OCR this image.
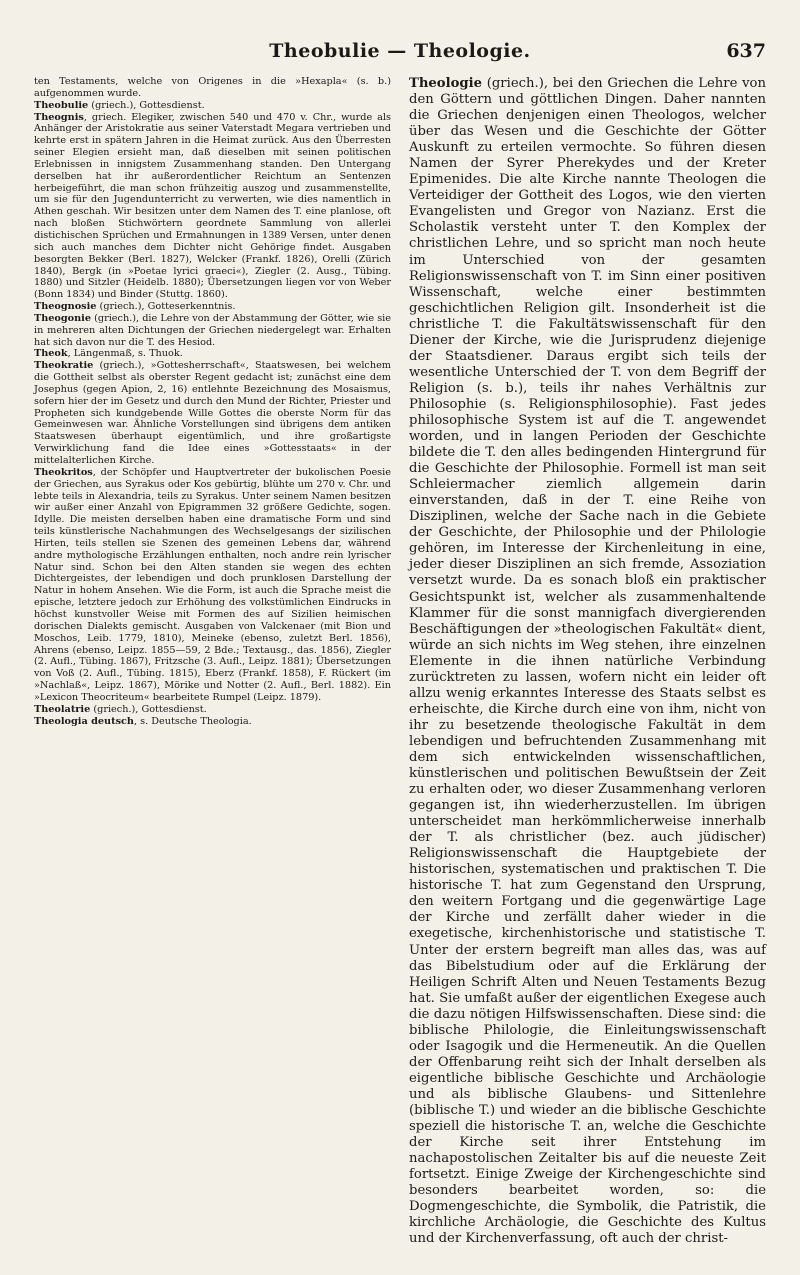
Theobulie — Theologie.	637

ten Testaments, welche von Origenes in die »Hexapla« (s. b.) aufgenommen wurde.

Theobulie (griech.), Gottesdienst.

Theognis, griech. Elegiker, zwischen 540 und 470 v. Chr., wurde als Anhänger der Aristokratie aus seiner Vaterstadt Megara vertrieben und kehrte erst in spätern Jahren in die Heimat zurück. Aus den Überresten seiner Elegien ersieht man, daß dieselben mit seinen politischen Erlebnissen in innigstem Zusammenhang standen. Den Untergang derselben hat ihr außerordentlicher Reichtum an Sentenzen herbeigeführt, die man schon frühzeitig auszog und zusammenstellte, um sie für den Jugendunterricht zu verwerten, wie dies namentlich in Athen geschah. Wir besitzen unter dem Namen des T. eine planlose, oft nach bloßen Stichwörtern geordnete Sammlung von allerlei distichischen Sprüchen und Ermahnungen in 1389 Versen, unter denen sich auch manches dem Dichter nicht Gehörige findet. Ausgaben besorgten Bekker (Berl. 1827), Welcker (Frankf. 1826), Orelli (Zürich 1840), Bergk (in »Poetae lyrici graeci«), Ziegler (2. Ausg., Tübing. 1880) und Sitzler (Heidelb. 1880); Übersetzungen liegen vor von Weber (Bonn 1834) und Binder (Stuttg. 1860).

Theognosie (griech.), Gotteserkenntnis.

Theogonie (griech.), die Lehre von der Abstammung der Götter, wie sie in mehreren alten Dichtungen der Griechen niedergelegt war. Erhalten hat sich davon nur die T. des Hesiod.

Theok, Längenmaß, s. Thuok.

Theokratie (griech.), »Gottesherrschaft«, Staatswesen, bei welchem die Gottheit selbst als oberster Regent gedacht ist; zunächst eine dem Josephus (gegen Apion, 2, 16) entlehnte Bezeichnung des Mosaismus, sofern hier der im Gesetz und durch den Mund der Richter, Priester und Propheten sich kundgebende Wille Gottes die oberste Norm für das Gemeinwesen war. Ähnliche Vorstellungen sind übrigens dem antiken Staatswesen überhaupt eigentümlich, und ihre großartigste Verwirklichung fand die Idee eines »Gottesstaats« in der mittelalterlichen Kirche.

Theokritos, der Schöpfer und Hauptvertreter der bukolischen Poesie der Griechen, aus Syrakus oder Kos gebürtig, blühte um 270 v. Chr. und lebte teils in Alexandria, teils zu Syrakus. Unter seinem Namen besitzen wir außer einer Anzahl von Epigrammen 32 größere Gedichte, sogen. Idylle. Die meisten derselben haben eine dramatische Form und sind teils künstlerische Nachahmungen des Wechselgesangs der sizilischen Hirten, teils stellen sie Szenen des gemeinen Lebens dar, während andre mythologische Erzählungen enthalten, noch andre rein lyrischer Natur sind. Schon bei den Alten standen sie wegen des echten Dichtergeistes, der lebendigen und doch prunklosen Darstellung der Natur in hohem Ansehen. Wie die Form, ist auch die Sprache meist die epische, letztere jedoch zur Erhöhung des volkstümlichen Eindrucks in höchst kunstvoller Weise mit Formen des auf Sizilien heimischen dorischen Dialekts gemischt. Ausgaben von Valckenaer (mit Bion und Moschos, Leib. 1779, 1810), Meineke (ebenso, zuletzt Berl. 1856), Ahrens (ebenso, Leipz. 1855—59, 2 Bde.; Textausg., das. 1856), Ziegler (2. Aufl., Tübing. 1867), Fritzsche (3. Aufl., Leipz. 1881); Übersetzungen von Voß (2. Aufl., Tübing. 1815), Eberz (Frankf. 1858), F. Rückert (im »Nachlaß«, Leipz. 1867), Mörike und Notter (2. Aufl., Berl. 1882). Ein »Lexicon Theocriteum« bearbeitete Rumpel (Leipz. 1879).

Theolatrie (griech.), Gottesdienst.

Theologia deutsch, s. Deutsche Theologia.

Theologie (griech.), bei den Griechen die Lehre von den Göttern und göttlichen Dingen. Daher nannten die Griechen denjenigen einen Theologos, welcher über das Wesen und die Geschichte der Götter Auskunft zu erteilen vermochte. So führen diesen Namen der Syrer Pherekydes und der Kreter Epimenides. Die alte Kirche nannte Theologen die Verteidiger der Gottheit des Logos, wie den vierten Evangelisten und Gregor von Nazianz. Erst die Scholastik versteht unter T. den Komplex der christlichen Lehre, und so spricht man noch heute im Unterschied von der gesamten Religionswissenschaft von T. im Sinn einer positiven Wissenschaft, welche einer bestimmten geschichtlichen Religion gilt. Insonderheit ist die christliche T. die Fakultätswissenschaft für den Diener der Kirche, wie die Jurisprudenz diejenige der Staatsdiener. Daraus ergibt sich teils der wesentliche Unterschied der T. von dem Begriff der Religion (s. b.), teils ihr nahes Verhältnis zur Philosophie (s. Religionsphilosophie). Fast jedes philosophische System ist auf die T. angewendet worden, und in langen Perioden der Geschichte bildete die T. den alles bedingenden Hintergrund für die Geschichte der Philosophie. Formell ist man seit Schleiermacher ziemlich allgemein darin einverstanden, daß in der T. eine Reihe von Disziplinen, welche der Sache nach in die Gebiete der Geschichte, der Philosophie und der Philologie gehören, im Interesse der Kirchenleitung in eine, jeder dieser Disziplinen an sich fremde, Assoziation versetzt wurde. Da es sonach bloß ein praktischer Gesichtspunkt ist, welcher als zusammenhaltende Klammer für die sonst mannigfach divergierenden Beschäftigungen der »theologischen Fakultät« dient, würde an sich nichts im Weg stehen, ihre einzelnen Elemente in die ihnen natürliche Verbindung zurücktreten zu lassen, wofern nicht ein leider oft allzu wenig erkanntes Interesse des Staats selbst es erheischte, die Kirche durch eine von ihm, nicht von ihr zu besetzende theologische Fakultät in dem lebendigen und befruchtenden Zusammenhang mit dem sich entwickelnden wissenschaftlichen, künstlerischen und politischen Bewußtsein der Zeit zu erhalten oder, wo dieser Zusammenhang verloren gegangen ist, ihn wiederherzustellen. Im übrigen unterscheidet man herkömmlicherweise innerhalb der T. als christlicher (bez. auch jüdischer) Religionswissenschaft die Hauptgebiete der historischen, systematischen und praktischen T. Die historische T. hat zum Gegenstand den Ursprung, den weitern Fortgang und die gegenwärtige Lage der Kirche und zerfällt daher wieder in die exegetische, kirchenhistorische und statistische T. Unter der erstern begreift man alles das, was auf das Bibelstudium oder auf die Erklärung der Heiligen Schrift Alten und Neuen Testaments Bezug hat. Sie umfaßt außer der eigentlichen Exegese auch die dazu nötigen Hilfswissenschaften. Diese sind: die biblische Philologie, die Einleitungswissenschaft oder Isagogik und die Hermeneutik. An die Quellen der Offenbarung reiht sich der Inhalt derselben als eigentliche biblische Geschichte und Archäologie und als biblische Glaubens- und Sittenlehre (biblische T.) und wieder an die biblische Geschichte speziell die historische T. an, welche die Geschichte der Kirche seit ihrer Entstehung im nachapostolischen Zeitalter bis auf die neueste Zeit fortsetzt. Einige Zweige der Kirchengeschichte sind besonders bearbeitet worden, so: die Dogmengeschichte, die Symbolik, die Patristik, die kirchliche Archäologie, die Geschichte des Kultus und der Kirchenverfassung, oft auch der christ-
